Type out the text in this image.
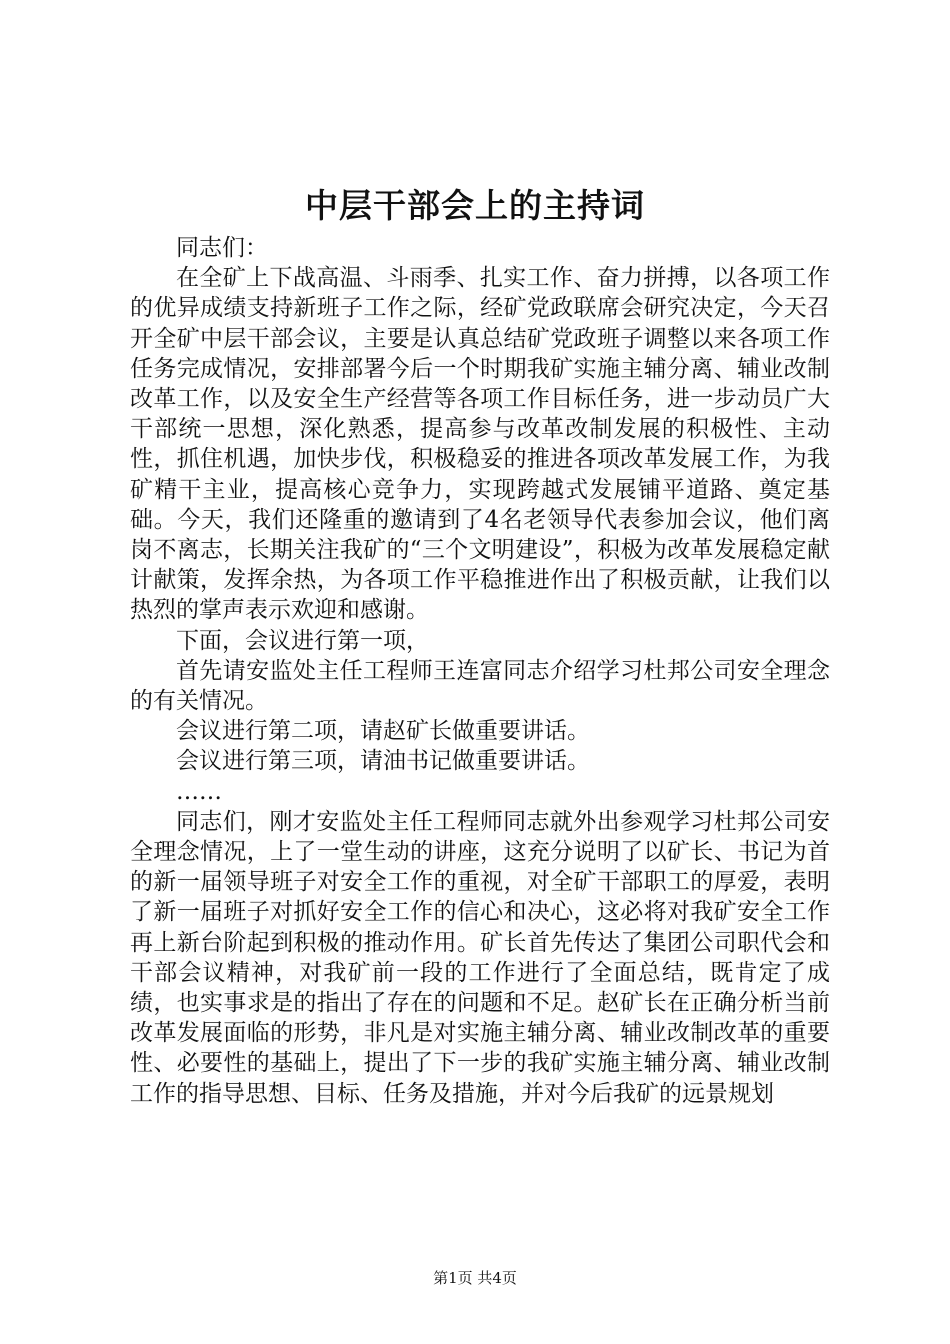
中层干部会上的主持词

同志们：

在全矿上下战高温、斗雨季、扎实工作、奋力拼搏，以各项工作的优异成绩支持新班子工作之际，经矿党政联席会研究决定，今天召开全矿中层干部会议，主要是认真总结矿党政班子调整以来各项工作任务完成情况，安排部署今后一个时期我矿实施主辅分离、辅业改制改革工作，以及安全生产经营等各项工作目标任务，进一步动员广大干部统一思想，深化熟悉，提高参与改革改制发展的积极性、主动性，抓住机遇，加快步伐，积极稳妥的推进各项改革发展工作，为我矿精干主业，提高核心竞争力，实现跨越式发展铺平道路、奠定基础。今天，我们还隆重的邀请到了4名老领导代表参加会议，他们离岗不离志，长期关注我矿的“三个文明建设”，积极为改革发展稳定献计献策，发挥余热，为各项工作平稳推进作出了积极贡献，让我们以热烈的掌声表示欢迎和感谢。

下面，会议进行第一项，

首先请安监处主任工程师王连富同志介绍学习杜邦公司安全理念的有关情况。

会议进行第二项，请赵矿长做重要讲话。

会议进行第三项，请油书记做重要讲话。

……

同志们，刚才安监处主任工程师同志就外出参观学习杜邦公司安全理念情况，上了一堂生动的讲座，这充分说明了以矿长、书记为首的新一届领导班子对安全工作的重视，对全矿干部职工的厚爱，表明了新一届班子对抓好安全工作的信心和决心，这必将对我矿安全工作再上新台阶起到积极的推动作用。矿长首先传达了集团公司职代会和干部会议精神，对我矿前一段的工作进行了全面总结，既肯定了成绩，也实事求是的指出了存在的问题和不足。赵矿长在正确分析当前改革发展面临的形势，非凡是对实施主辅分离、辅业改制改革的重要性、必要性的基础上，提出了下一步的我矿实施主辅分离、辅业改制工作的指导思想、目标、任务及措施，并对今后我矿的远景规划

第1页 共4页
